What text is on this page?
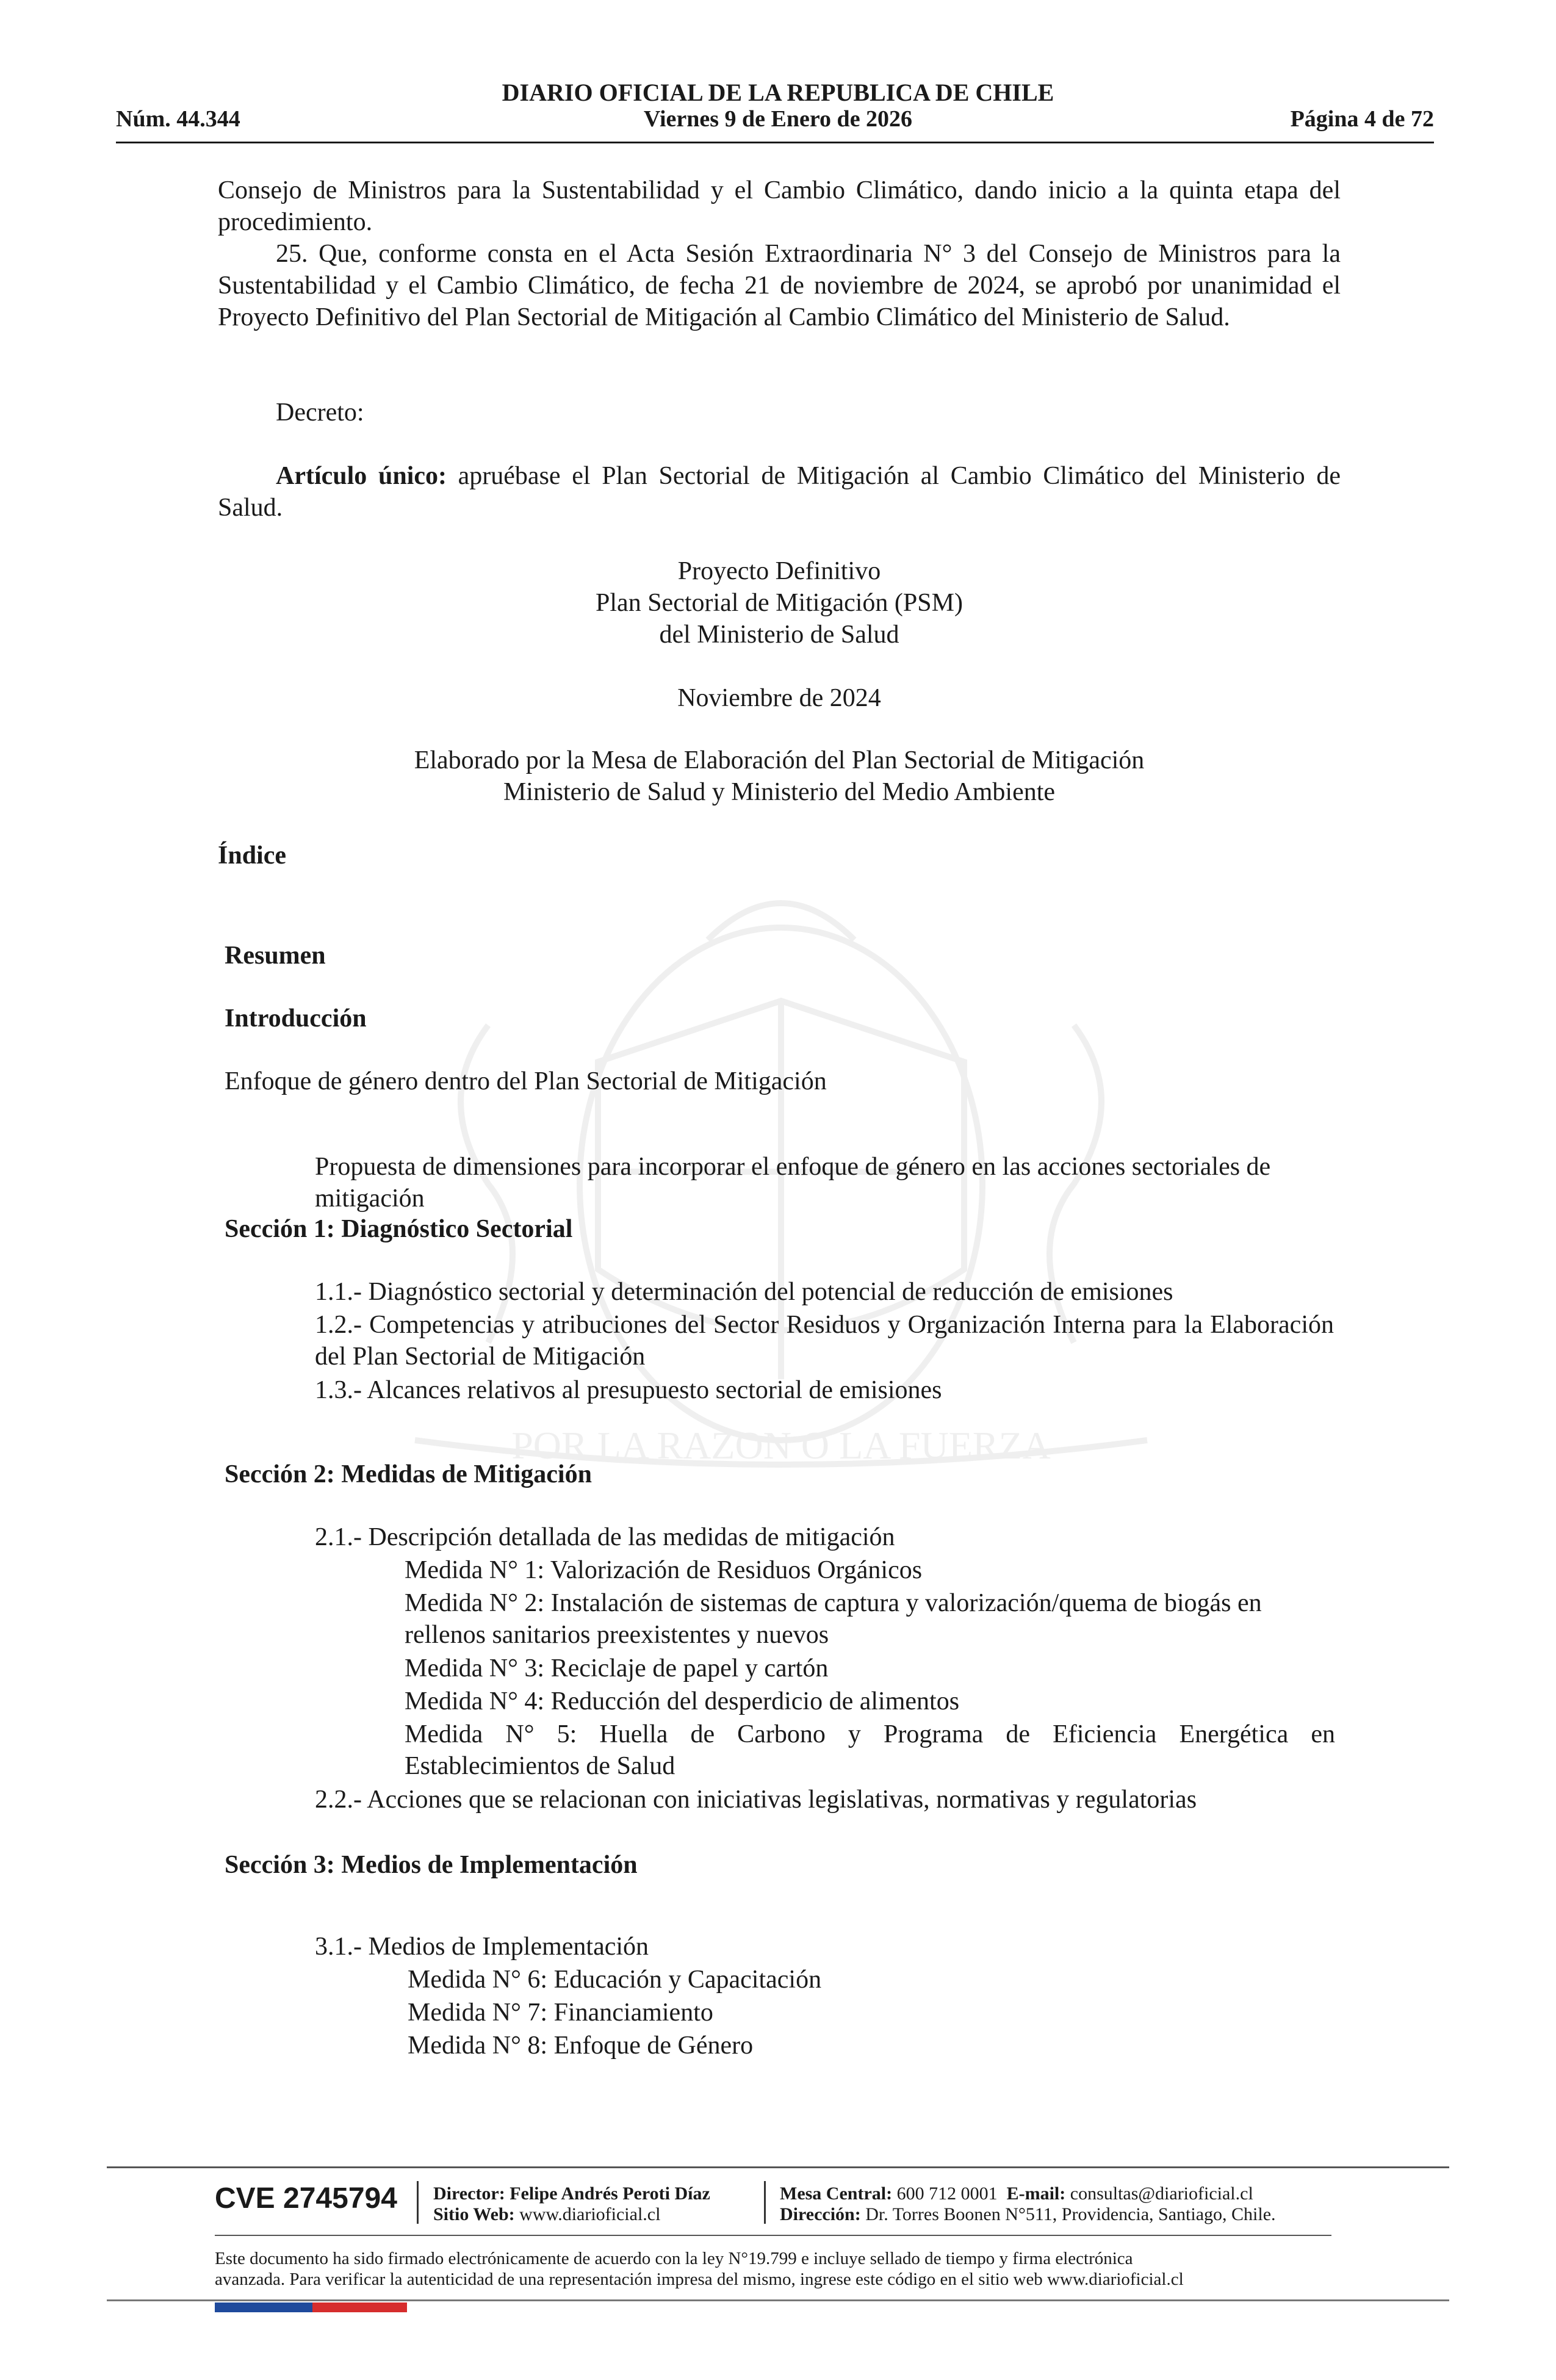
POR LA RAZON O LA FUERZA
DIARIO OFICIAL DE LA REPUBLICA DE CHILE
Núm. 44.344	Viernes 9 de Enero de 2026	Página 4 de 72

Consejo de Ministros para la Sustentabilidad y el Cambio Climático, dando inicio a la quinta etapa del procedimiento.

25. Que, conforme consta en el Acta Sesión Extraordinaria N° 3 del Consejo de Ministros para la Sustentabilidad y el Cambio Climático, de fecha 21 de noviembre de 2024, se aprobó por unanimidad el Proyecto Definitivo del Plan Sectorial de Mitigación al Cambio Climático del Ministerio de Salud.

Decreto:

Artículo único: apruébase el Plan Sectorial de Mitigación al Cambio Climático del Ministerio de Salud.

Proyecto Definitivo
Plan Sectorial de Mitigación (PSM)
del Ministerio de Salud
Noviembre de 2024
Elaborado por la Mesa de Elaboración del Plan Sectorial de Mitigación
Ministerio de Salud y Ministerio del Medio Ambiente
Índice
Resumen
Introducción
Enfoque de género dentro del Plan Sectorial de Mitigación
Propuesta de dimensiones para incorporar el enfoque de género en las acciones sectoriales de mitigación
Sección 1: Diagnóstico Sectorial
1.1.- Diagnóstico sectorial y determinación del potencial de reducción de emisiones
1.2.- Competencias y atribuciones del Sector Residuos y Organización Interna para la Elaboración del Plan Sectorial de Mitigación
1.3.- Alcances relativos al presupuesto sectorial de emisiones
Sección 2: Medidas de Mitigación
2.1.- Descripción detallada de las medidas de mitigación
Medida N° 1: Valorización de Residuos Orgánicos
Medida N° 2: Instalación de sistemas de captura y valorización/quema de biogás en rellenos sanitarios preexistentes y nuevos
Medida N° 3: Reciclaje de papel y cartón
Medida N° 4: Reducción del desperdicio de alimentos
Medida N° 5: Huella de Carbono y Programa de Eficiencia Energética en Establecimientos de Salud
2.2.- Acciones que se relacionan con iniciativas legislativas, normativas y regulatorias
Sección 3: Medios de Implementación
3.1.- Medios de Implementación
Medida N° 6: Educación y Capacitación
Medida N° 7: Financiamiento
Medida N° 8: Enfoque de Género
CVE 2745794 Director: Felipe Andrés Peroti Díaz
Sitio Web: www.diarioficial.cl
Mesa Central: 600 712 0001 E-mail: consultas@diarioficial.cl
Dirección: Dr. Torres Boonen N°511, Providencia, Santiago, Chile.
Este documento ha sido firmado electrónicamente de acuerdo con la ley N°19.799 e incluye sellado de tiempo y firma electrónica
avanzada. Para verificar la autenticidad de una representación impresa del mismo, ingrese este código en el sitio web www.diarioficial.cl
